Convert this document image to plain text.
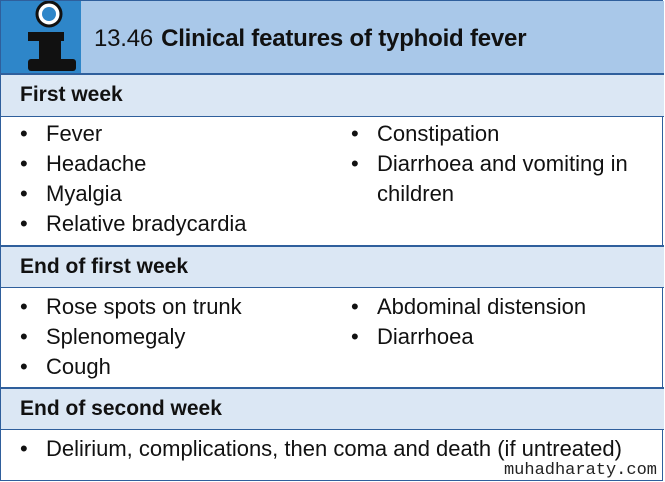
13.46 Clinical features of typhoid fever
First week
• Fever
• Headache
• Myalgia
• Relative bradycardia
• Constipation
• Diarrhoea and vomiting in
children
End of first week
• Rose spots on trunk
• Splenomegaly
• Cough
• Abdominal distension
• Diarrhoea
End of second week
• Delirium, complications, then coma and death (if untreated)
muhadharaty.com
